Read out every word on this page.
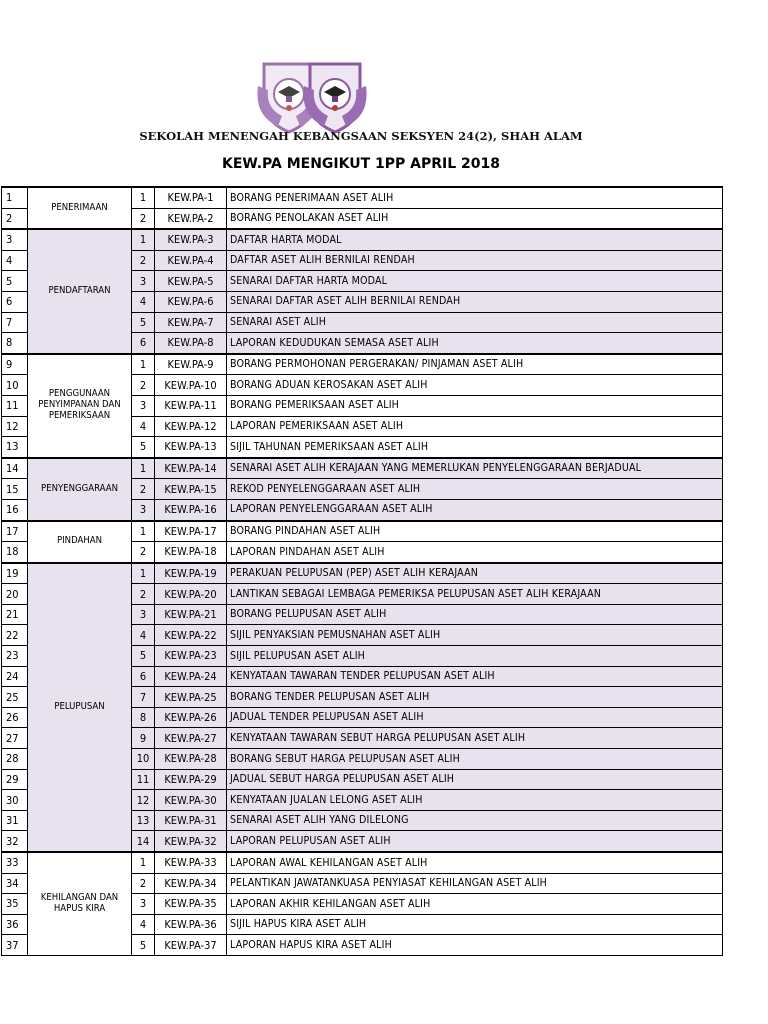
SEKOLAH MENENGAH KEBANGSAAN SEKSYEN 24(2), SHAH ALAM
KEW.PA MENGIKUT 1PP APRIL 2018
1	PENERIMAAN	1	KEW.PA-1	BORANG PENERIMAAN ASET ALIH
2		2	KEW.PA-2	BORANG PENOLAKAN ASET ALIH
3	PENDAFTARAN	1	KEW.PA-3	DAFTAR HARTA MODAL
4		2	KEW.PA-4	DAFTAR ASET ALIH BERNILAI RENDAH
5		3	KEW.PA-5	SENARAI DAFTAR HARTA MODAL
6		4	KEW.PA-6	SENARAI DAFTAR ASET ALIH BERNILAI RENDAH
7		5	KEW.PA-7	SENARAI ASET ALIH
8		6	KEW.PA-8	LAPORAN KEDUDUKAN SEMASA ASET ALIH
9	PENGGUNAAN PENYIMPANAN DAN PEMERIKSAAN	1	KEW.PA-9	BORANG PERMOHONAN PERGERAKAN/ PINJAMAN ASET ALIH
10		2	KEW.PA-10	BORANG ADUAN KEROSAKAN ASET ALIH
11		3	KEW.PA-11	BORANG PEMERIKSAAN ASET ALIH
12		4	KEW.PA-12	LAPORAN PEMERIKSAAN ASET ALIH
13		5	KEW.PA-13	SIJIL TAHUNAN PEMERIKSAAN ASET ALIH
14	PENYENGGARAAN	1	KEW.PA-14	SENARAI ASET ALIH KERAJAAN YANG MEMERLUKAN PENYELENGGARAAN BERJADUAL
15		2	KEW.PA-15	REKOD PENYELENGGARAAN ASET ALIH
16		3	KEW.PA-16	LAPORAN PENYELENGGARAAN ASET ALIH
17	PINDAHAN	1	KEW.PA-17	BORANG PINDAHAN ASET ALIH
18		2	KEW.PA-18	LAPORAN PINDAHAN ASET ALIH
19	PELUPUSAN	1	KEW.PA-19	PERAKUAN PELUPUSAN (PEP) ASET ALIH KERAJAAN
20		2	KEW.PA-20	LANTIKAN SEBAGAI LEMBAGA PEMERIKSA PELUPUSAN ASET ALIH KERAJAAN
21		3	KEW.PA-21	BORANG PELUPUSAN ASET ALIH
22		4	KEW.PA-22	SIJIL PENYAKSIAN PEMUSNAHAN ASET ALIH
23		5	KEW.PA-23	SIJIL PELUPUSAN ASET ALIH
24		6	KEW.PA-24	KENYATAAN TAWARAN TENDER PELUPUSAN ASET ALIH
25		7	KEW.PA-25	BORANG TENDER PELUPUSAN ASET ALIH
26		8	KEW.PA-26	JADUAL TENDER PELUPUSAN ASET ALIH
27		9	KEW.PA-27	KENYATAAN TAWARAN SEBUT HARGA PELUPUSAN ASET ALIH
28		10	KEW.PA-28	BORANG SEBUT HARGA PELUPUSAN ASET ALIH
29		11	KEW.PA-29	JADUAL SEBUT HARGA PELUPUSAN ASET ALIH
30		12	KEW.PA-30	KENYATAAN JUALAN LELONG ASET ALIH
31		13	KEW.PA-31	SENARAI ASET ALIH YANG DILELONG
32		14	KEW.PA-32	LAPORAN PELUPUSAN ASET ALIH
33	KEHILANGAN DAN HAPUS KIRA	1	KEW.PA-33	LAPORAN AWAL KEHILANGAN ASET ALIH
34		2	KEW.PA-34	PELANTIKAN JAWATANKUASA PENYIASAT KEHILANGAN ASET ALIH
35		3	KEW.PA-35	LAPORAN AKHIR KEHILANGAN ASET ALIH
36		4	KEW.PA-36	SIJIL HAPUS KIRA ASET ALIH
37		5	KEW.PA-37	LAPORAN HAPUS KIRA ASET ALIH
